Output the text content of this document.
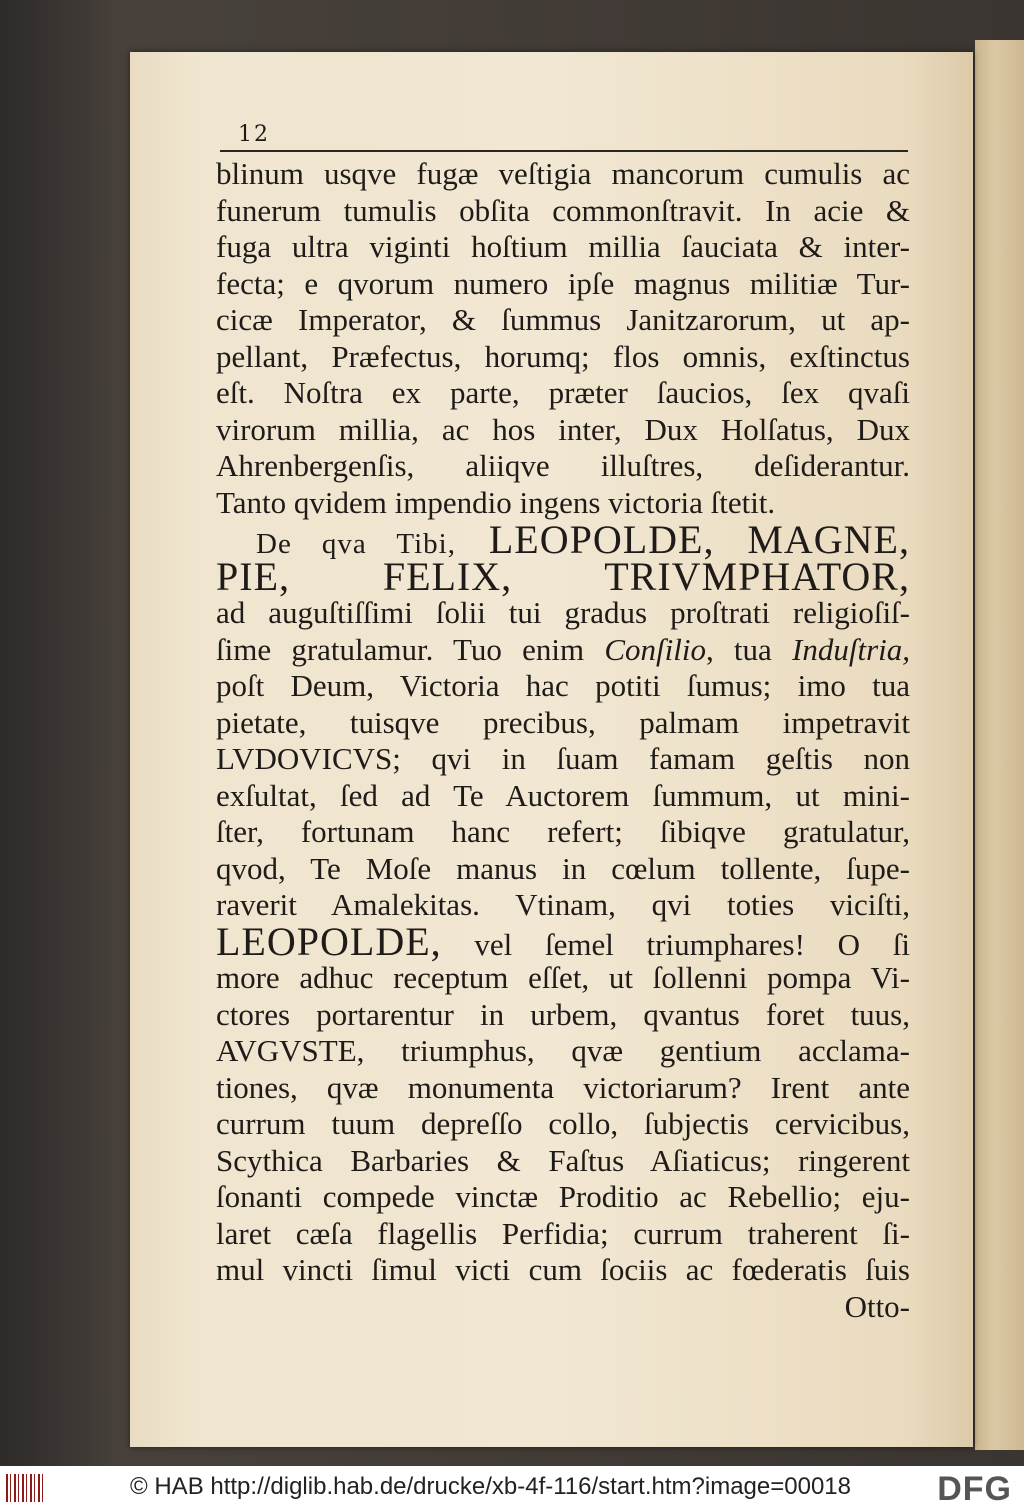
12
blinum usqve fugæ veſtigia mancorum cumulis ac
funerum tumulis obſita commonſtravit. In acie &
fuga ultra viginti hoſtium millia ſauciata & inter-
fecta; e qvorum numero ipſe magnus militiæ Tur-
cicæ Imperator, & ſummus Janitzarorum, ut ap-
pellant, Præfectus, horumq; flos omnis, exſtinctus
eſt. Noſtra ex parte, præter ſaucios, ſex qvaſi
virorum millia, ac hos inter, Dux Holſatus, Dux
Ahrenbergenſis, aliiqve illuſtres, deſiderantur.
Tanto qvidem impendio ingens victoria ſtetit.
De qva Tibi, LEOPOLDE, MAGNE,
PIE, FELIX, TRIVMPHATOR,
ad auguſtiſſimi ſolii tui gradus proſtrati religioſiſ-
ſime gratulamur. Tuo enim Conſilio, tua Induſtria,
poſt Deum, Victoria hac potiti ſumus; imo tua
pietate, tuisqve precibus, palmam impetravit
LVDOVICVS; qvi in ſuam famam geſtis non
exſultat, ſed ad Te Auctorem ſummum, ut mini-
ſter, fortunam hanc refert; ſibiqve gratulatur,
qvod, Te Moſe manus in cœlum tollente, ſupe-
raverit Amalekitas. Vtinam, qvi toties viciſti,
LEOPOLDE, vel ſemel triumphares! O ſi
more adhuc receptum eſſet, ut ſollenni pompa Vi-
ctores portarentur in urbem, qvantus foret tuus,
AVGVSTE, triumphus, qvæ gentium acclama-
tiones, qvæ monumenta victoriarum? Irent ante
currum tuum depreſſo collo, ſubjectis cervicibus,
Scythica Barbaries & Faſtus Aſiaticus; ringerent
ſonanti compede vinctæ Proditio ac Rebellio; eju-
laret cæſa flagellis Perfidia; currum traherent ſi-
mul vincti ſimul victi cum ſociis ac fœderatis ſuis
Otto-
© HAB http://diglib.hab.de/drucke/xb-4f-116/start.htm?image=00018	DFG
